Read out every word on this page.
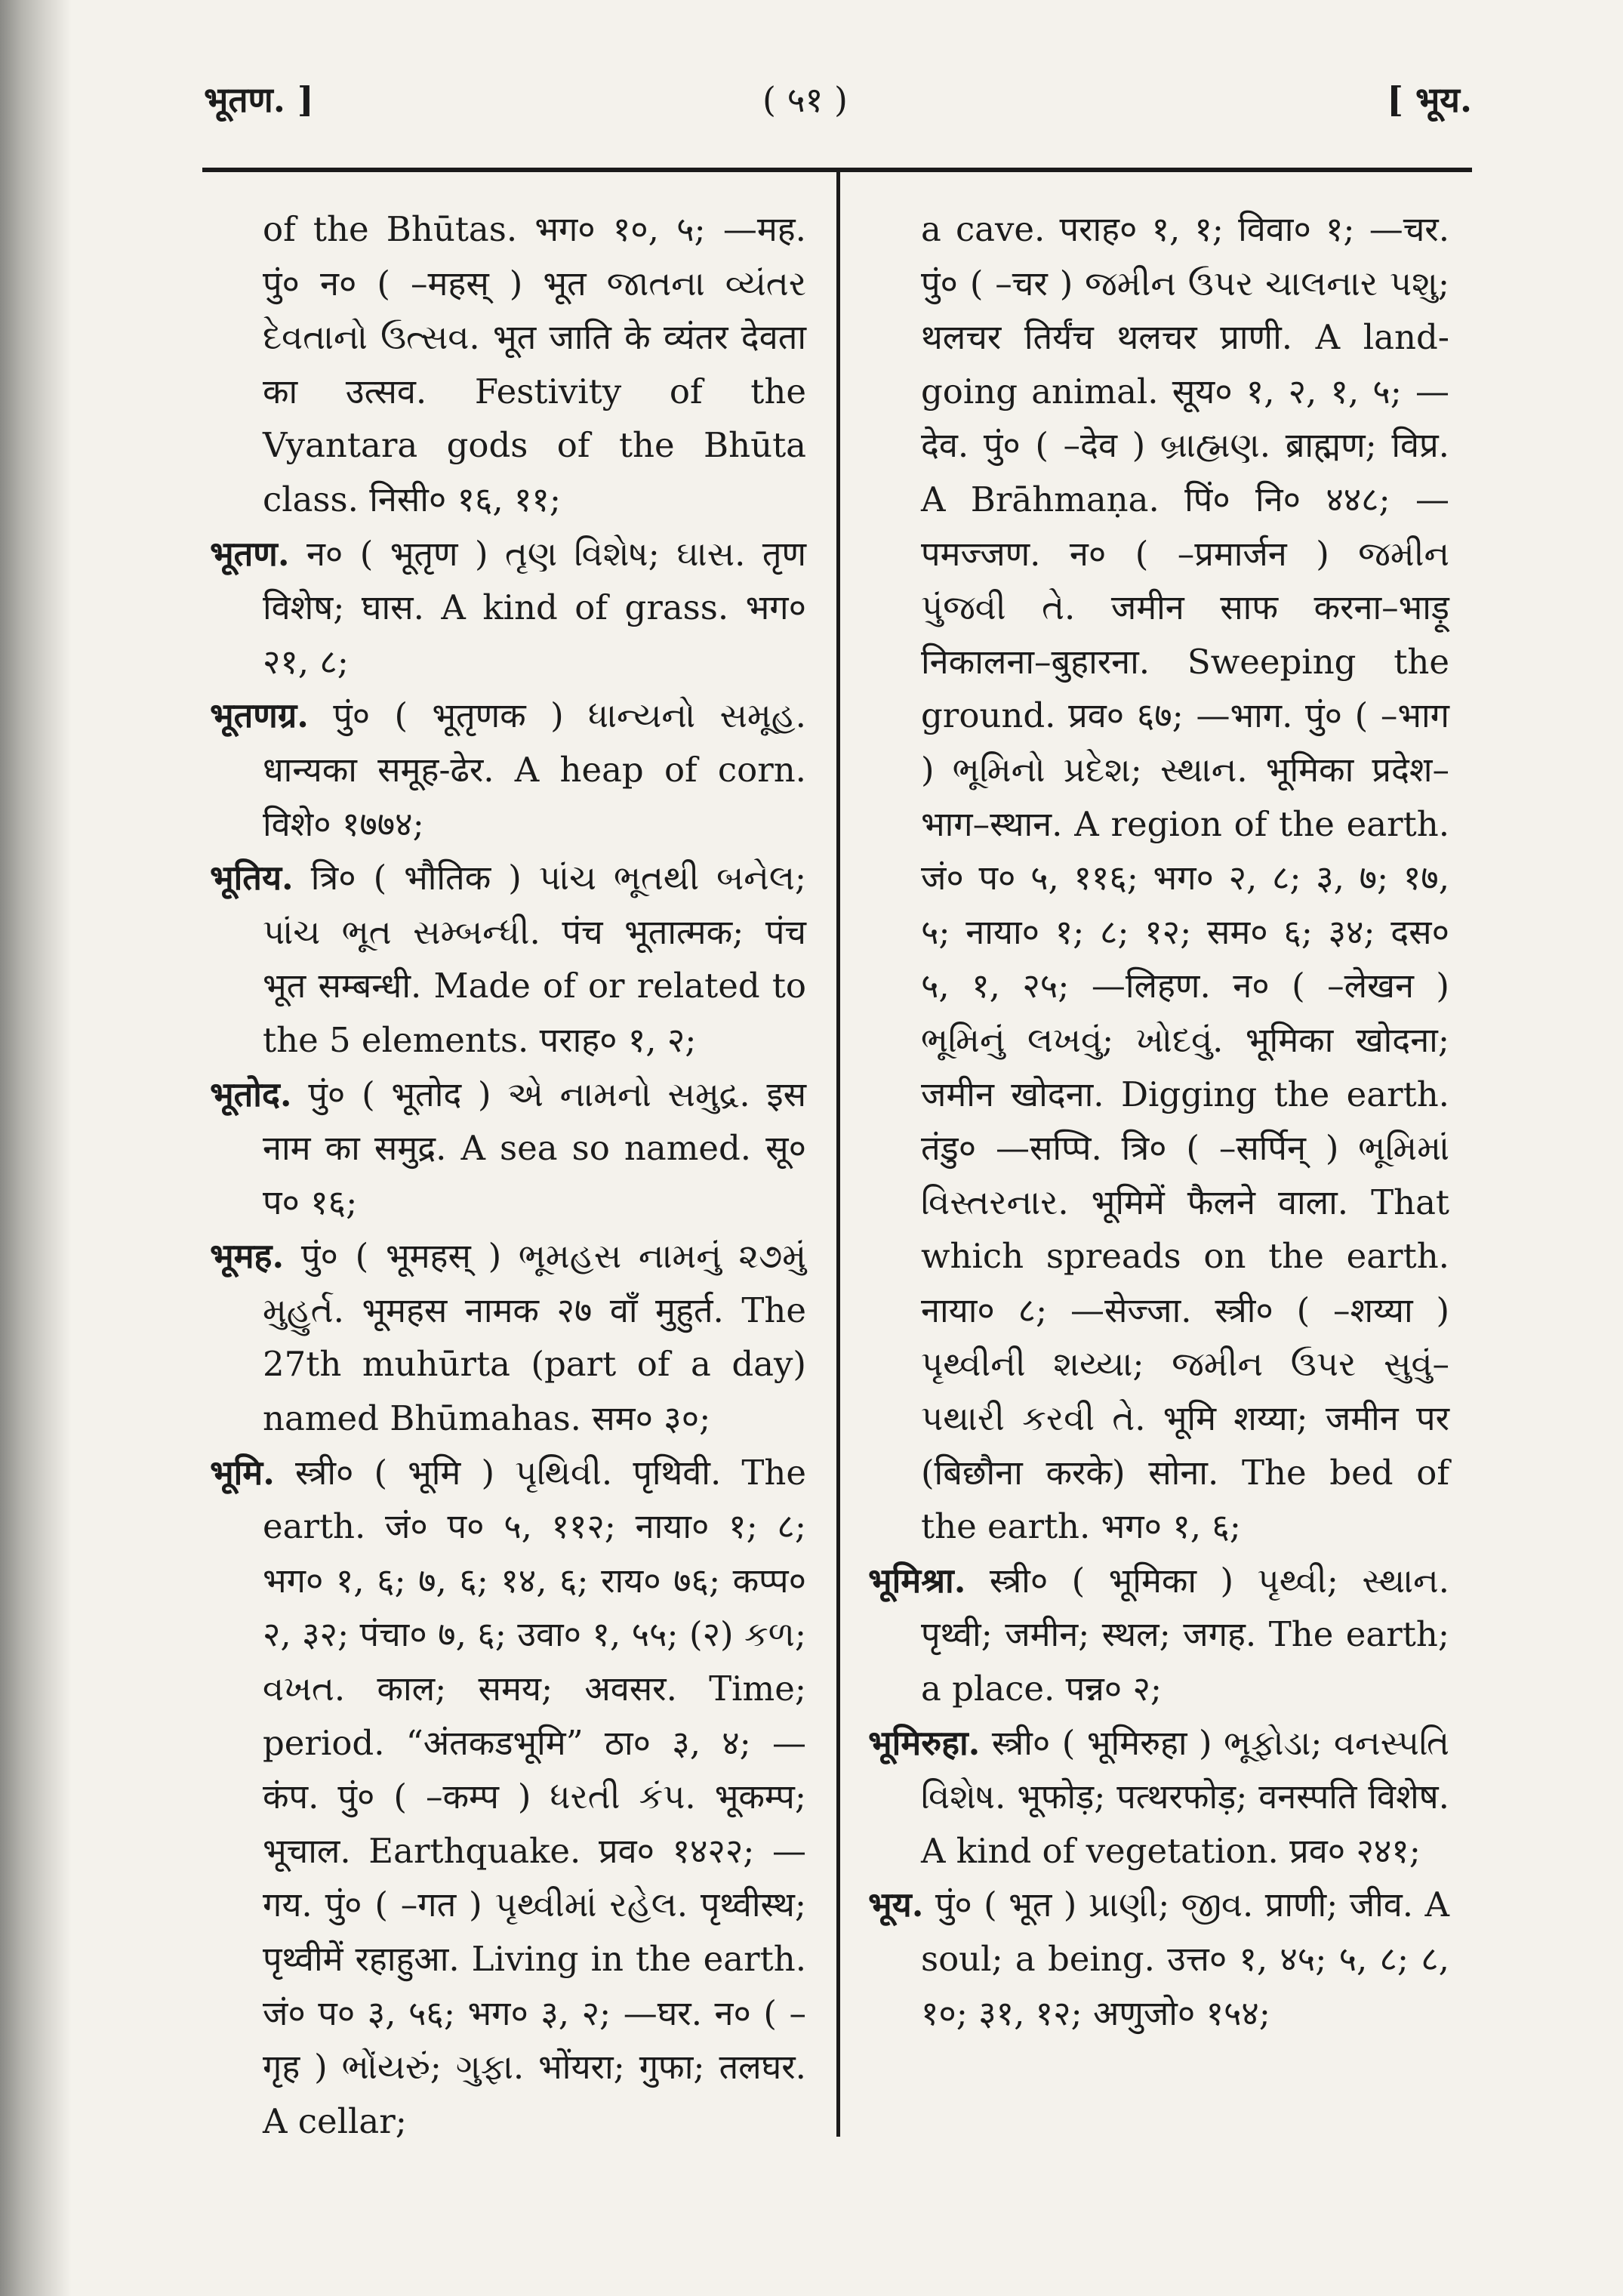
भूतण. ]	( ५१ )	[ भूय.

of the Bhūtas. भग० १०, ५; —मह. पुं० न० ( –महस् ) भूत જાતના વ્યંતર દેવતાનો ઉત્સવ. भूत जाति के व्यंतर देवता का उत्सव. Festivity of the Vyantara gods of the Bhūta class. निसी० १६, ११;

भूतण. न० ( भूतृण ) તૃણ વિશેષ; ઘાસ. तृण विशेष; घास. A kind of grass. भग० २१, ८;

भूतणग्र. पुं० ( भूतृणक ) ધાન્યનો સમૂહ. धान्यका समूह-ढेर. A heap of corn. विशे० १७७४;

भूतिय. त्रि० ( भौतिक ) પાંચ ભૂતથી બનેલ; પાંચ ભૂત સમ્બન્ધી. पंच भूतात्मक; पंच भूत सम्बन्धी. Made of or related to the 5 elements. पराह० १, २;

भूतोद. पुं० ( भूतोद ) એ નામનો સમુદ્ર. इस नाम का समुद्र. A sea so named. सू० प० १६;

भूमह. पुं० ( भूमहस् ) ભૂમહસ નામનું ૨૭મું મુહુર્ત. भूमहस नामक २७ वाँ मुहुर्त. The 27th muhūrta (part of a day) named Bhūmahas. सम० ३०;

भूमि. स्त्री० ( भूमि ) પૃથિવી. पृथिवी. The earth. जं० प० ५, ११२; नाया० १; ८; भग० १, ६; ७, ६; १४, ६; राय० ७६; कप्प० २, ३२; पंचा० ७, ६; उवा० १, ५५; (२) કળ; વખત. काल; समय; अवसर. Time; period. “अंतकडभूमि” ठा० ३, ४; —कंप. पुं० ( –कम्प ) ધરતી કંપ. भूकम्प; भूचाल. Earthquake. प्रव० १४२२; —गय. पुं० ( –गत ) પૃથ્વીમાં રહેલ. पृथ्वीस्थ; पृथ्वीमें रहाहुआ. Living in the earth. जं० प० ३, ५६; भग० ३, २; —घर. न० ( –गृह ) ભોંયરું; ગુફા. भोंयरा; गुफा; तलघर. A cellar;

a cave. पराह० १, १; विवा० १; —चर. पुं० ( –चर ) જમીન ઉપર ચાલનાર પશુ; थलचर तिर्यंच थलचर प्राणी. A land-going animal. सूय० १, २, १, ५; —देव. पुं० ( –देव ) બ્રાહ્મણ. ब्राह्मण; विप्र. A Brāhmaṇa. पिं० नि० ४४८; —पमज्जण. न० ( –प्रमार्जन ) જમીન પુંજવી તે. जमीन साफ करना–भाड़ू निकालना–बुहारना. Sweeping the ground. प्रव० ६७; —भाग. पुं० ( –भाग ) ભૂમિનો પ્રદેશ; સ્થાન. भूमिका प्रदेश–भाग–स्थान. A region of the earth. जं० प० ५, ११६; भग० २, ८; ३, ७; १७, ५; नाया० १; ८; १२; सम० ६; ३४; दस० ५, १, २५; —लिहण. न० ( –लेखन ) ભૂમિનું લખવું; ખોદવું. भूमिका खोदना; जमीन खोदना. Digging the earth. तंडु० —सप्पि. त्रि० ( –सर्पिन् ) ભૂમિમાં વિસ્તરનાર. भूमिमें फैलने वाला. That which spreads on the earth. नाया० ८; —सेज्जा. स्त्री० ( –शय्या ) પૃથ્વીની શય્યા; જમીન ઉપર સુવું–પથારી કરવી તે. भूमि शय्या; जमीन पर (बिछौना करके) सोना. The bed of the earth. भग० १, ६;

भूमिश्रा. स्त्री० ( भूमिका ) પૃથ્વી; સ્થાન. पृथ्वी; जमीन; स्थल; जगह. The earth; a place. पन्न० २;

भूमिरुहा. स्त्री० ( भूमिरुहा ) ભૂફોડા; વનસ્પતિ વિશેષ. भूफोड़; पत्थरफोड़; वनस्पति विशेष. A kind of vegetation. प्रव० २४१;

भूय. पुं० ( भूत ) પ્રાણી; જીવ. प्राणी; जीव. A soul; a being. उत्त० १, ४५; ५, ८; ८, १०; ३१, १२; अणुजो० १५४;
